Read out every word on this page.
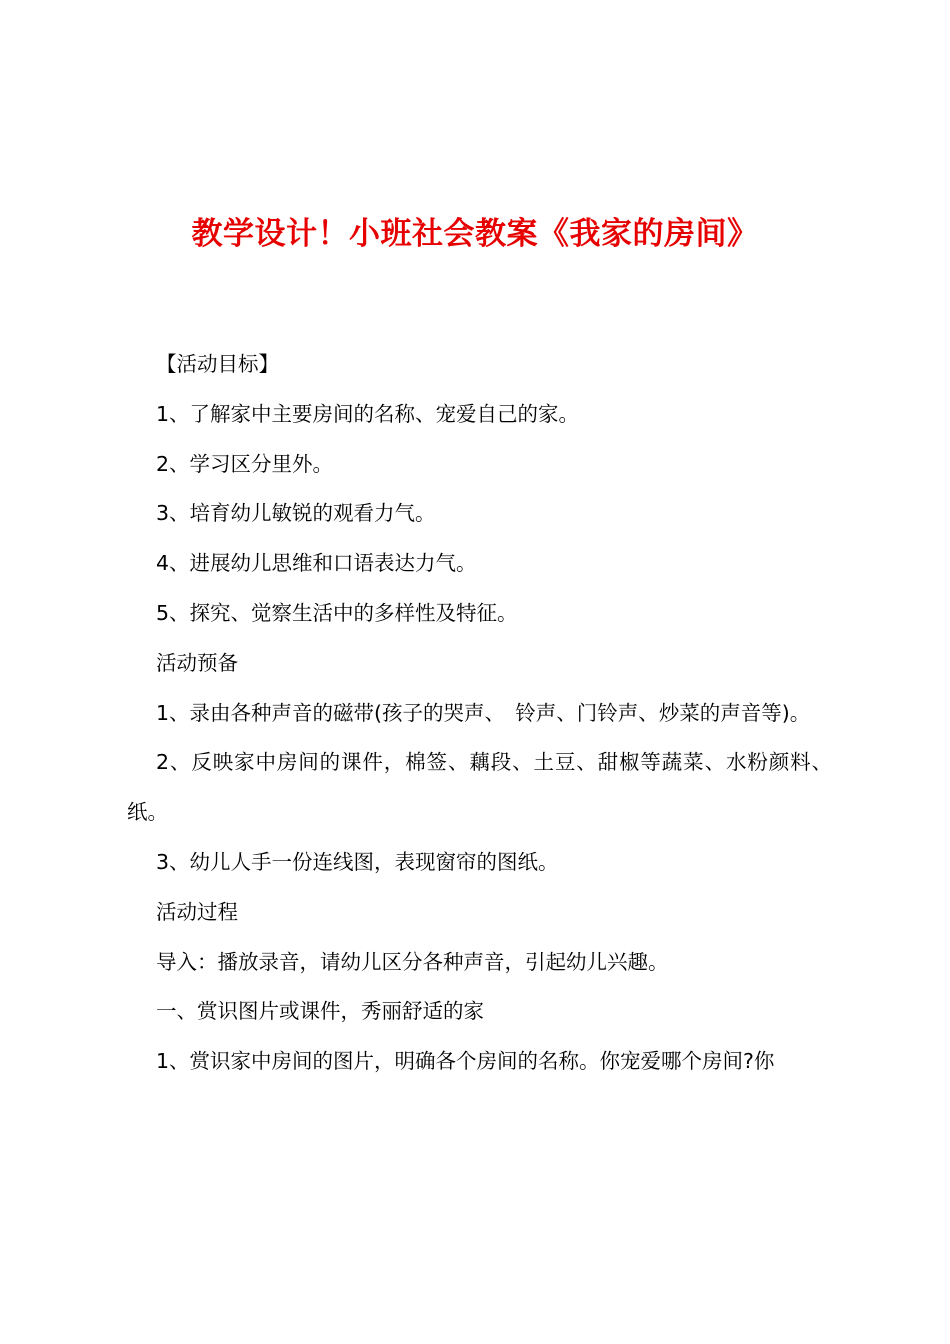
教学设计！小班社会教案《我家的房间》

【活动目标】

1、了解家中主要房间的名称、宠爱自己的家。

2、学习区分里外。

3、培育幼儿敏锐的观看力气。

4、进展幼儿思维和口语表达力气。

5、探究、觉察生活中的多样性及特征。

活动预备

1、录由各种声音的磁带(孩子的哭声、　铃声、门铃声、炒菜的声音等)。

2、反映家中房间的课件，棉签、藕段、土豆、甜椒等蔬菜、水粉颜料、纸。

3、幼儿人手一份连线图，表现窗帘的图纸。

活动过程

导入：播放录音，请幼儿区分各种声音，引起幼儿兴趣。

一、赏识图片或课件，秀丽舒适的家

1、赏识家中房间的图片，明确各个房间的名称。你宠爱哪个房间?你
